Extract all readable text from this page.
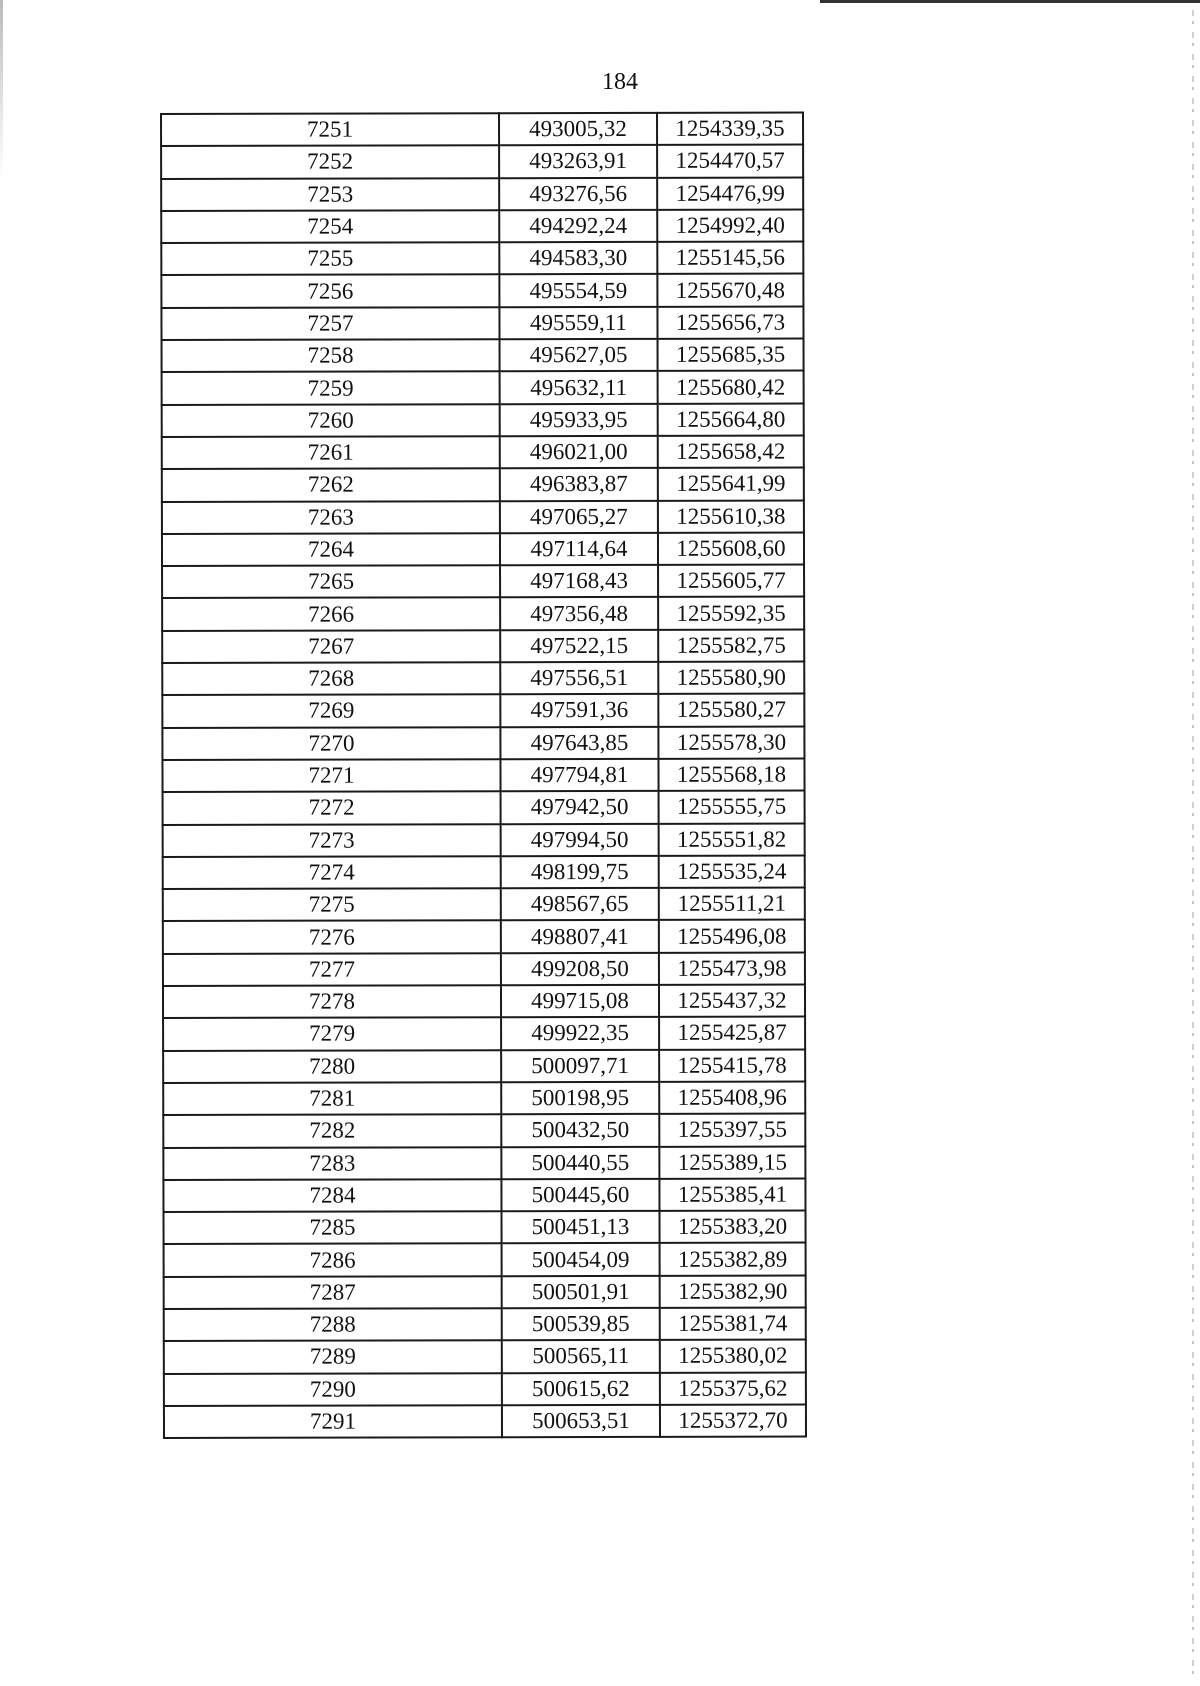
184
7251	493005,32	1254339,35
7252	493263,91	1254470,57
7253	493276,56	1254476,99
7254	494292,24	1254992,40
7255	494583,30	1255145,56
7256	495554,59	1255670,48
7257	495559,11	1255656,73
7258	495627,05	1255685,35
7259	495632,11	1255680,42
7260	495933,95	1255664,80
7261	496021,00	1255658,42
7262	496383,87	1255641,99
7263	497065,27	1255610,38
7264	497114,64	1255608,60
7265	497168,43	1255605,77
7266	497356,48	1255592,35
7267	497522,15	1255582,75
7268	497556,51	1255580,90
7269	497591,36	1255580,27
7270	497643,85	1255578,30
7271	497794,81	1255568,18
7272	497942,50	1255555,75
7273	497994,50	1255551,82
7274	498199,75	1255535,24
7275	498567,65	1255511,21
7276	498807,41	1255496,08
7277	499208,50	1255473,98
7278	499715,08	1255437,32
7279	499922,35	1255425,87
7280	500097,71	1255415,78
7281	500198,95	1255408,96
7282	500432,50	1255397,55
7283	500440,55	1255389,15
7284	500445,60	1255385,41
7285	500451,13	1255383,20
7286	500454,09	1255382,89
7287	500501,91	1255382,90
7288	500539,85	1255381,74
7289	500565,11	1255380,02
7290	500615,62	1255375,62
7291	500653,51	1255372,70
